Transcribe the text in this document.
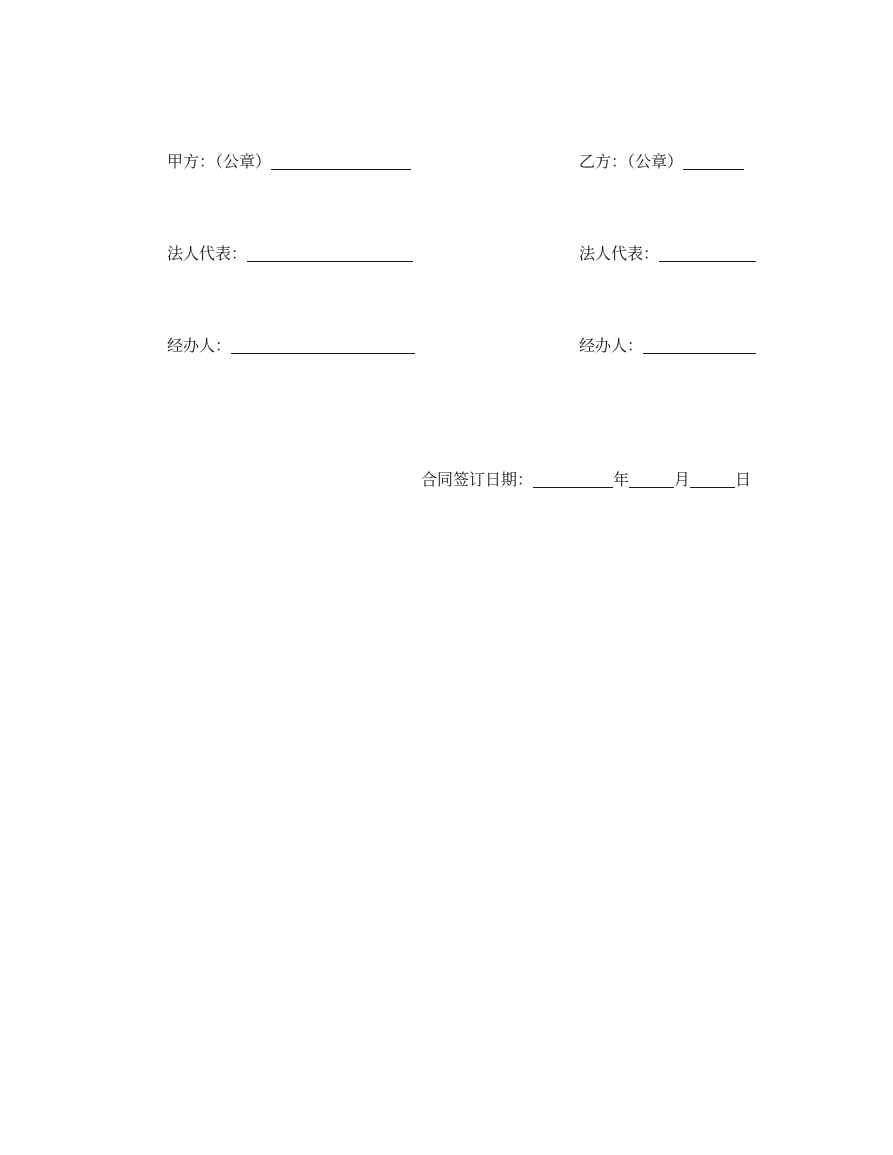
甲方：（公章）	乙方：（公章）
法人代表：	法人代表：
经办人：	经办人：
合同签订日期：	年	月	日
